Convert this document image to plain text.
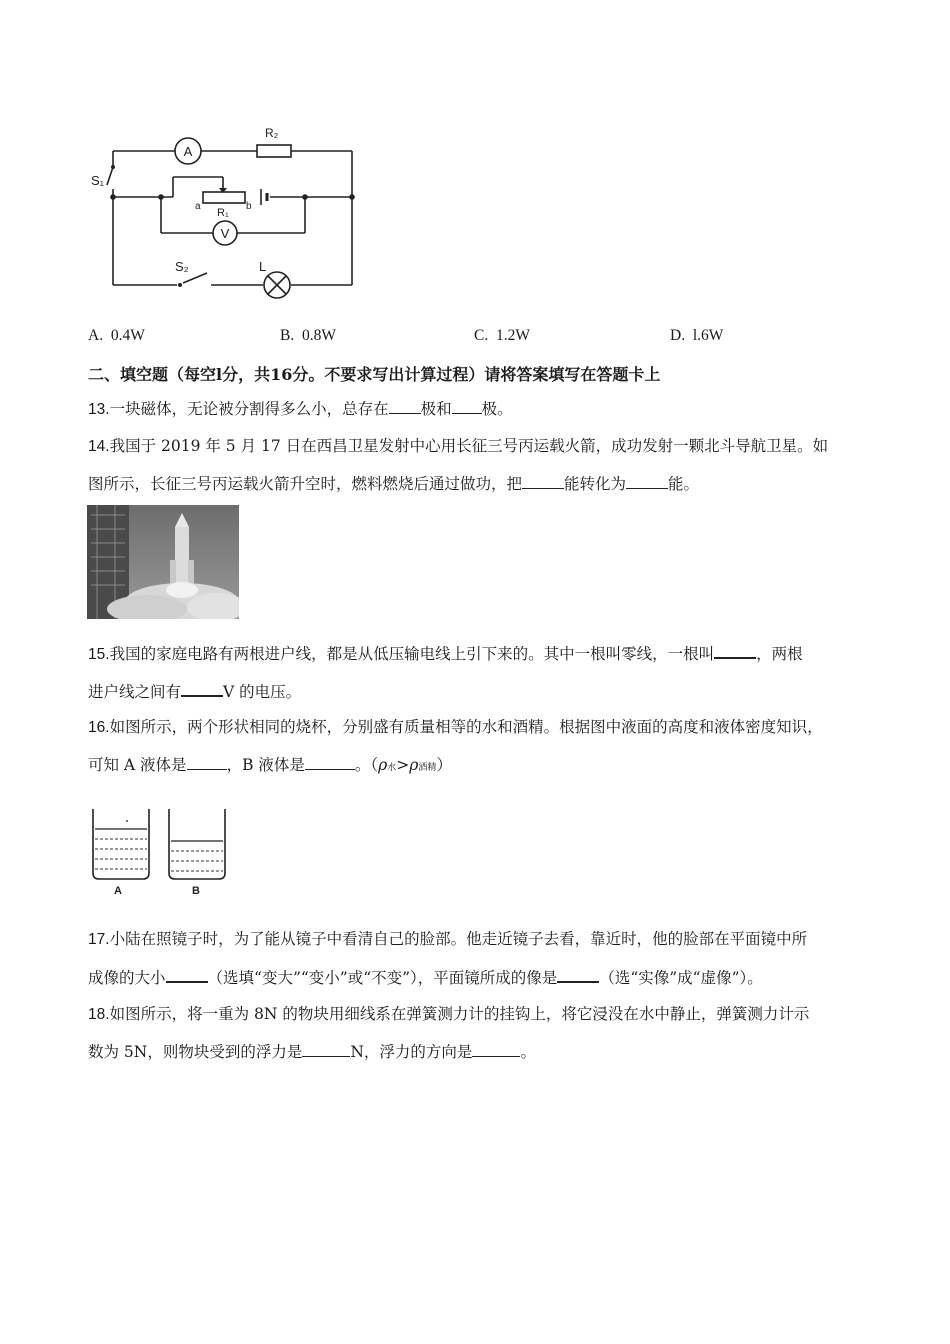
A
V
R₂
S₁
S₂	L
R₁
a	b
A. 0.4W	B. 0.8W	C. 1.2W	D. l.6W
二、填空题（每空l分，共16分。不要求写出计算过程）请将答案填写在答题卡上
13.一块磁体，无论被分割得多么小，总存在 极和 极。
14.我国于 2019 年 5 月 17 日在西昌卫星发射中心用长征三号丙运载火箭，成功发射一颗北斗导航卫星。如
图所示，长征三号丙运载火箭升空时，燃料燃烧后通过做功，把	能转化为	能。
15.我国的家庭电路有两根进户线，都是从低压输电线上引下来的。其中一根叫零线，一根叫	，两根
进户线之间有	V 的电压。
16.如图所示，两个形状相同的烧杯，分别盛有质量相等的水和酒精。根据图中液面的高度和液体密度知识，
可知 A 液体是	，B 液体是	。（ρ水>ρ酒精）
A	B
17.小陆在照镜子时，为了能从镜子中看清自己的脸部。他走近镜子去看，靠近时，他的脸部在平面镜中所
成像的大小	（选填“变大”“变小”或“不变”），平面镜所成的像是	（选“实像”成“虚像”）。
18.如图所示，将一重为 8N 的物块用细线系在弹簧测力计的挂钩上，将它浸没在水中静止，弹簧测力计示
数为 5N，则物块受到的浮力是	N，浮力的方向是	。
